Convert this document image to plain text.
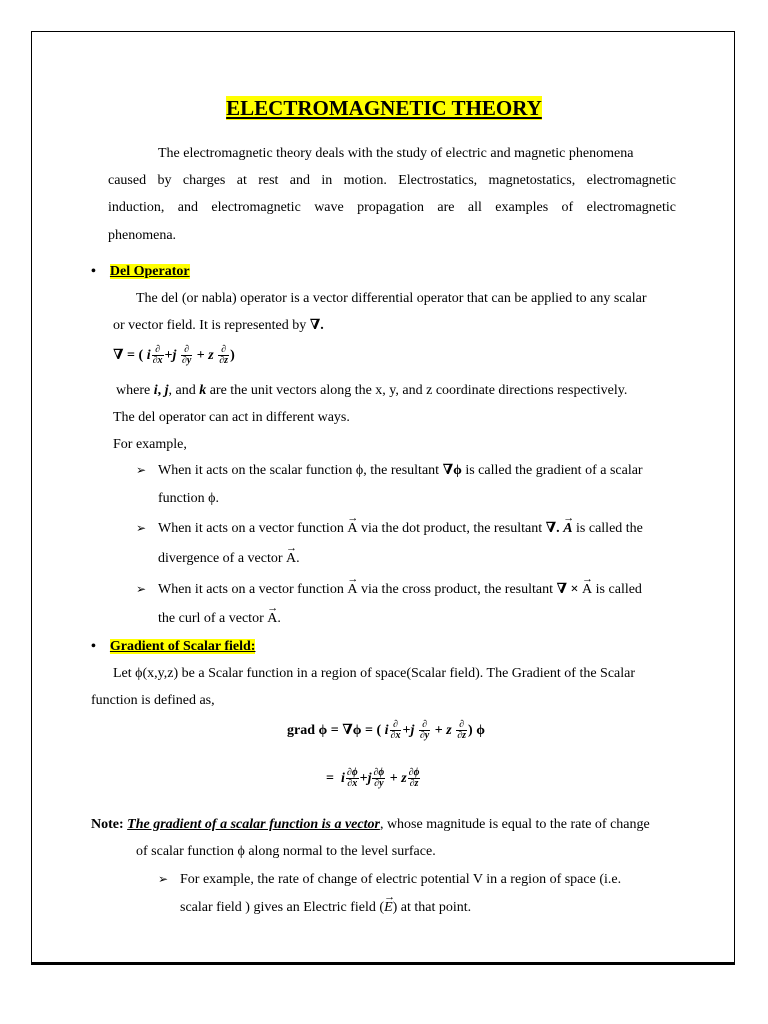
ELECTROMAGNETIC THEORY
The electromagnetic theory deals with the study of electric and magnetic phenomena
caused by charges at rest and in motion. Electrostatics, magnetostatics, electromagnetic
induction, and electromagnetic wave propagation are all examples of electromagnetic
phenomena.
• Del Operator
The del (or nabla) operator is a vector differential operator that can be applied to any scalar
or vector field. It is represented by ∇.
∇ = ( i $\frac{\partial}{\partial x} +j \frac{\partial}{\partial y} + z \frac{\partial}{\partial z}$ )
where i, j, and k are the unit vectors along the x, y, and z coordinate directions respectively.
The del operator can act in different ways.
For example,
➢ When it acts on the scalar function ϕ, the resultant ∇ϕ is called the gradient of a scalar
function ϕ.
➢ When it acts on a vector function → A via the dot product, the resultant ∇. → A is called the
divergence of a vector → A.
➢ When it acts on a vector function → A via the cross product, the resultant ∇ × → A is called
the curl of a vector → A.
• Gradient of Scalar field:
Let ϕ(x,y,z) be a Scalar function in a region of space(Scalar field). The Gradient of the Scalar
function is defined as,
grad ϕ = ∇ϕ = ( i $\frac{\partial}{\partial x} +j \frac{\partial}{\partial y} + z \frac{\partial}{\partial z}$ ) ϕ
= i $\frac{\partial\phi}{\partial x} +j \frac{\partial\phi}{\partial y} + z \frac{\partial\phi}{\partial z}$
Note: The gradient of a scalar function is a vector, whose magnitude is equal to the rate of change
of scalar function ϕ along normal to the level surface.
➢ For example, the rate of change of electric potential V in a region of space (i.e.
scalar field ) gives an Electric field (→ E) at that point.
